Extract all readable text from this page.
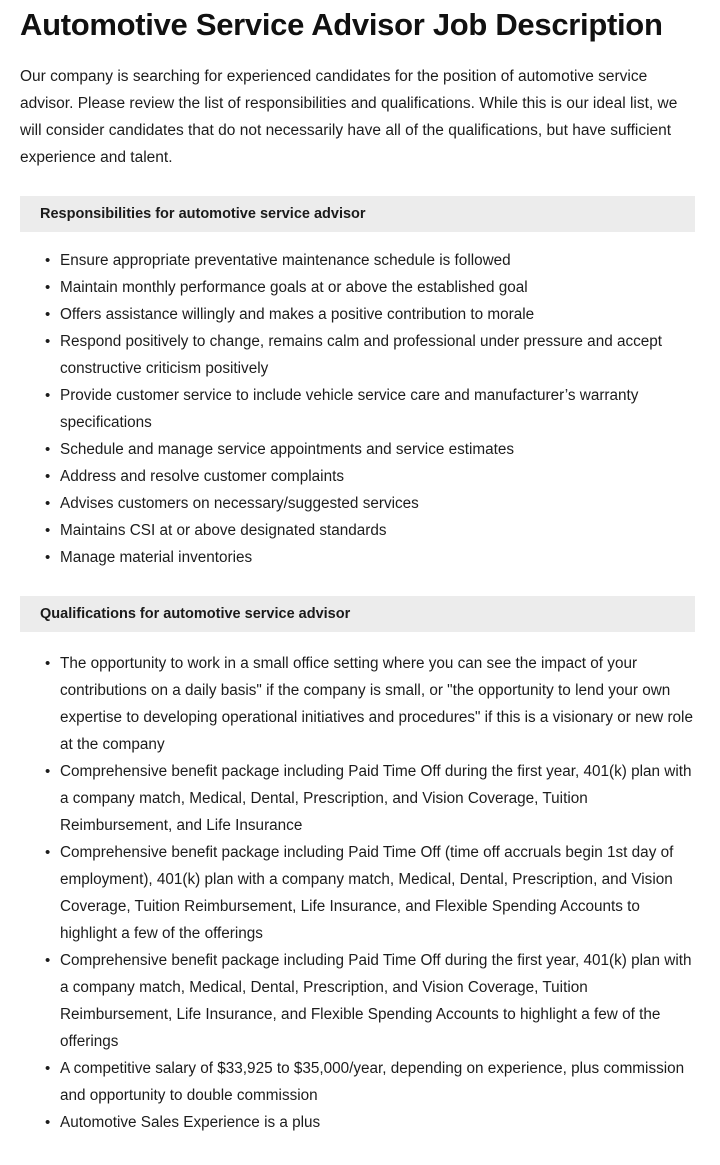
Automotive Service Advisor Job Description

Our company is searching for experienced candidates for the position of automotive service advisor. Please review the list of responsibilities and qualifications. While this is our ideal list, we will consider candidates that do not necessarily have all of the qualifications, but have sufficient experience and talent.

Responsibilities for automotive service advisor
• Ensure appropriate preventative maintenance schedule is followed
• Maintain monthly performance goals at or above the established goal
• Offers assistance willingly and makes a positive contribution to morale
• Respond positively to change, remains calm and professional under pressure and accept constructive criticism positively
• Provide customer service to include vehicle service care and manufacturer’s warranty specifications
• Schedule and manage service appointments and service estimates
• Address and resolve customer complaints
• Advises customers on necessary/suggested services
• Maintains CSI at or above designated standards
• Manage material inventories
Qualifications for automotive service advisor
• The opportunity to work in a small office setting where you can see the impact of your contributions on a daily basis" if the company is small, or "the opportunity to lend your own expertise to developing operational initiatives and procedures" if this is a visionary or new role at the company
• Comprehensive benefit package including Paid Time Off during the first year, 401(k) plan with a company match, Medical, Dental, Prescription, and Vision Coverage, Tuition Reimbursement, and Life Insurance
• Comprehensive benefit package including Paid Time Off (time off accruals begin 1st day of employment), 401(k) plan with a company match, Medical, Dental, Prescription, and Vision Coverage, Tuition Reimbursement, Life Insurance, and Flexible Spending Accounts to highlight a few of the offerings
• Comprehensive benefit package including Paid Time Off during the first year, 401(k) plan with a company match, Medical, Dental, Prescription, and Vision Coverage, Tuition Reimbursement, Life Insurance, and Flexible Spending Accounts to highlight a few of the offerings
• A competitive salary of $33,925 to $35,000/year, depending on experience, plus commission and opportunity to double commission
• Automotive Sales Experience is a plus
